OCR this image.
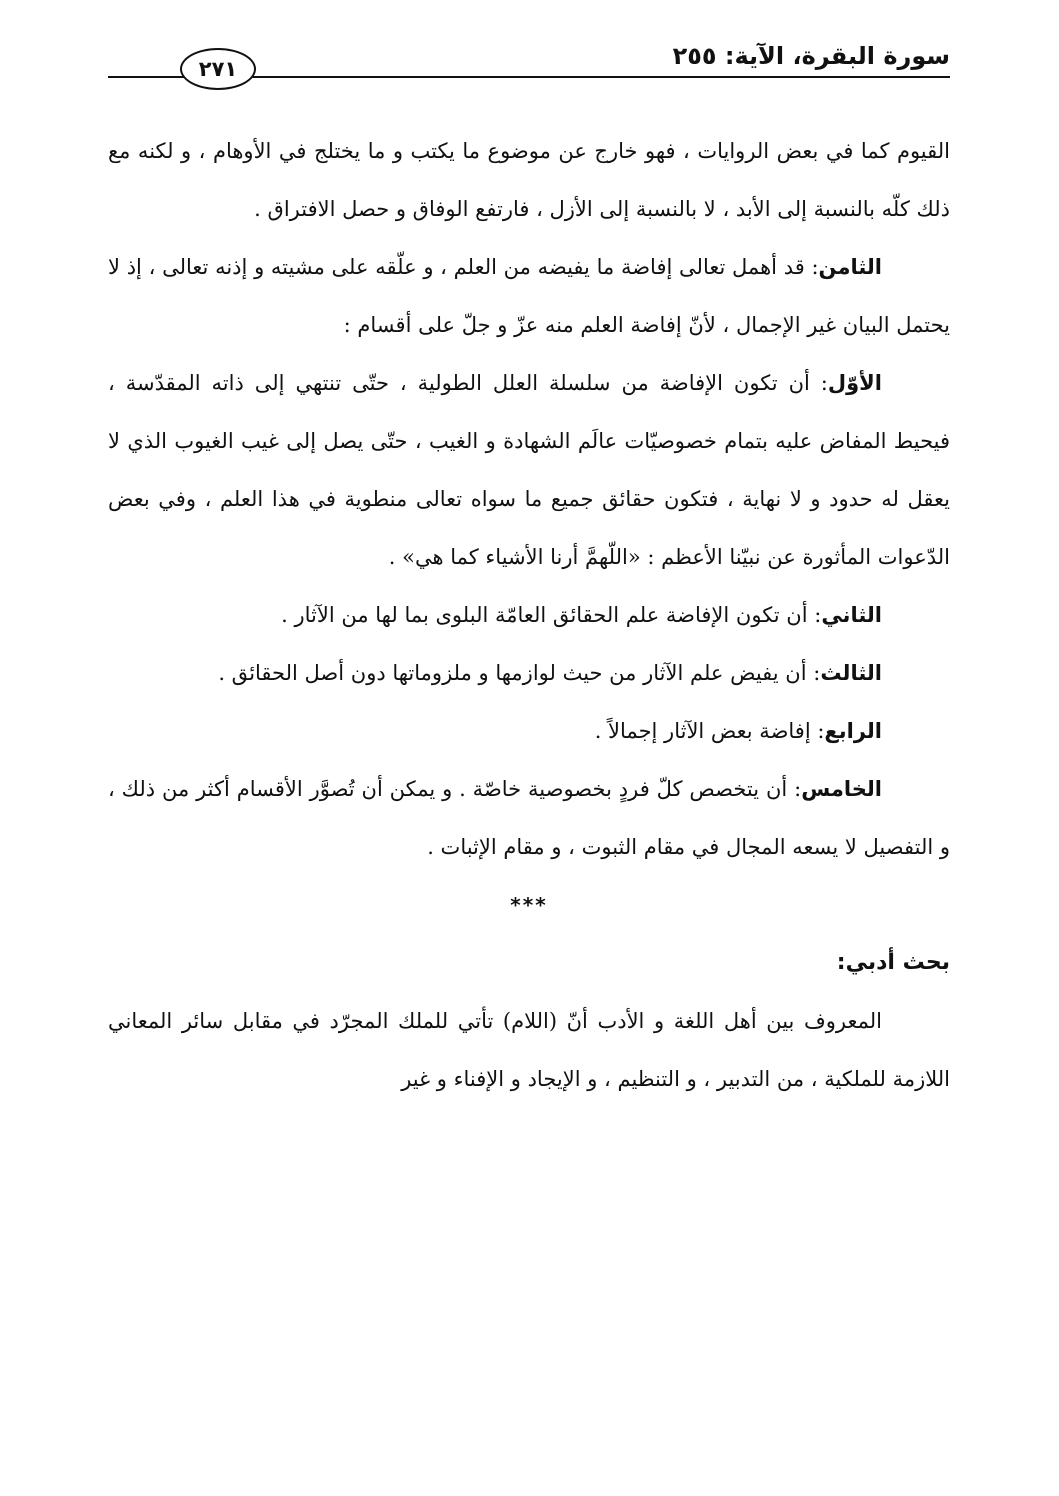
سورة البقرة، الآية: ٢٥٥
٢٧١

القيوم كما في بعض الروايات ، فهو خارج عن موضوع ما يكتب و ما يختلج في الأوهام ، و لكنه مع ذلك كلّه بالنسبة إلى الأبد ، لا بالنسبة إلى الأزل ، فارتفع الوفاق و حصل الافتراق .

الثامن: قد أهمل تعالى إفاضة ما يفيضه من العلم ، و علّقه على مشيته و إذنه تعالى ، إذ لا يحتمل البيان غير الإجمال ، لأنّ إفاضة العلم منه عزّ و جلّ على أقسام :

الأوّل: أن تكون الإفاضة من سلسلة العلل الطولية ، حتّى تنتهي إلى ذاته المقدّسة ، فيحيط المفاض عليه بتمام خصوصيّات عالَم الشهادة و الغيب ، حتّى يصل إلى غيب الغيوب الذي لا يعقل له حدود و لا نهاية ، فتكون حقائق جميع ما سواه تعالى منطوية في هذا العلم ، وفي بعض الدّعوات المأثورة عن نبيّنا الأعظم : «اللّهمَّ أرنا الأشياء كما هي» .

الثاني: أن تكون الإفاضة علم الحقائق العامّة البلوى بما لها من الآثار .

الثالث: أن يفيض علم الآثار من حيث لوازمها و ملزوماتها دون أصل الحقائق .

الرابع: إفاضة بعض الآثار إجمالاً .

الخامس: أن يتخصص كلّ فردٍ بخصوصية خاصّة . و يمكن أن تُصوَّر الأقسام أكثر من ذلك ، و التفصيل لا يسعه المجال في مقام الثبوت ، و مقام الإثبات .

***

بحث أدبي:

المعروف بين أهل اللغة و الأدب أنّ (اللام) تأتي للملك المجرّد في مقابل سائر المعاني اللازمة للملكية ، من التدبير ، و التنظيم ، و الإيجاد و الإفناء و غير
